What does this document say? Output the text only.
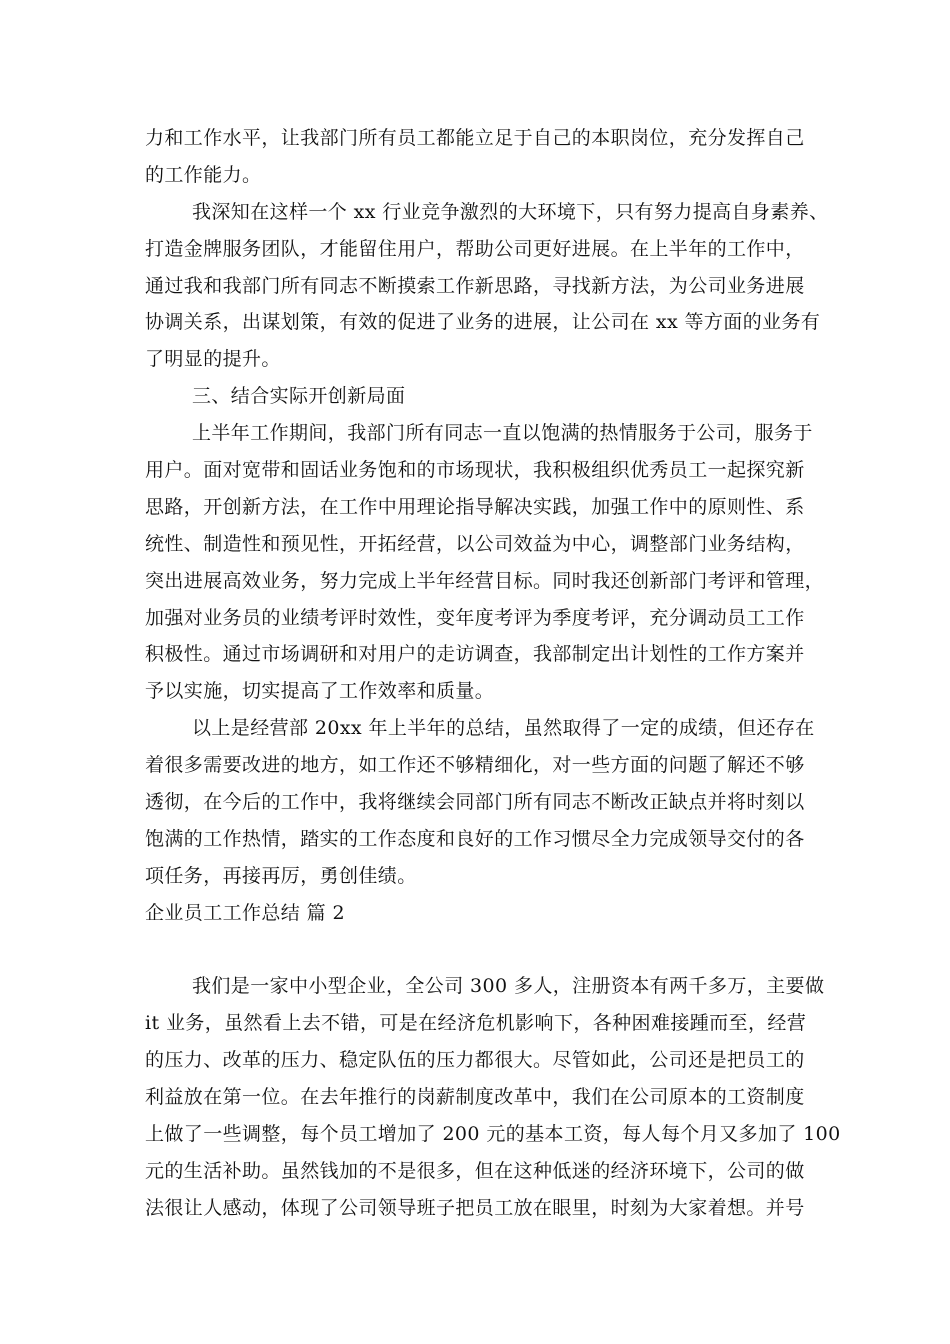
力和工作水平，让我部门所有员工都能立足于自己的本职岗位，充分发挥自己
的工作能力。
我深知在这样一个 xx 行业竞争激烈的大环境下，只有努力提高自身素养、
打造金牌服务团队，才能留住用户，帮助公司更好进展。在上半年的工作中，
通过我和我部门所有同志不断摸索工作新思路，寻找新方法，为公司业务进展
协调关系，出谋划策，有效的促进了业务的进展，让公司在 xx 等方面的业务有
了明显的提升。
三、结合实际开创新局面
上半年工作期间，我部门所有同志一直以饱满的热情服务于公司，服务于
用户。面对宽带和固话业务饱和的市场现状，我积极组织优秀员工一起探究新
思路，开创新方法，在工作中用理论指导解决实践，加强工作中的原则性、系
统性、制造性和预见性，开拓经营，以公司效益为中心，调整部门业务结构，
突出进展高效业务，努力完成上半年经营目标。同时我还创新部门考评和管理，
加强对业务员的业绩考评时效性，变年度考评为季度考评，充分调动员工工作
积极性。通过市场调研和对用户的走访调查，我部制定出计划性的工作方案并
予以实施，切实提高了工作效率和质量。
以上是经营部 20xx 年上半年的总结，虽然取得了一定的成绩，但还存在
着很多需要改进的地方，如工作还不够精细化，对一些方面的问题了解还不够
透彻，在今后的工作中，我将继续会同部门所有同志不断改正缺点并将时刻以
饱满的工作热情，踏实的工作态度和良好的工作习惯尽全力完成领导交付的各
项任务，再接再厉，勇创佳绩。
企业员工工作总结 篇 2
我们是一家中小型企业，全公司 300 多人，注册资本有两千多万，主要做
it 业务，虽然看上去不错，可是在经济危机影响下，各种困难接踵而至，经营
的压力、改革的压力、稳定队伍的压力都很大。尽管如此，公司还是把员工的
利益放在第一位。在去年推行的岗薪制度改革中，我们在公司原本的工资制度
上做了一些调整，每个员工增加了 200 元的基本工资，每人每个月又多加了 100
元的生活补助。虽然钱加的不是很多，但在这种低迷的经济环境下，公司的做
法很让人感动，体现了公司领导班子把员工放在眼里，时刻为大家着想。并号
